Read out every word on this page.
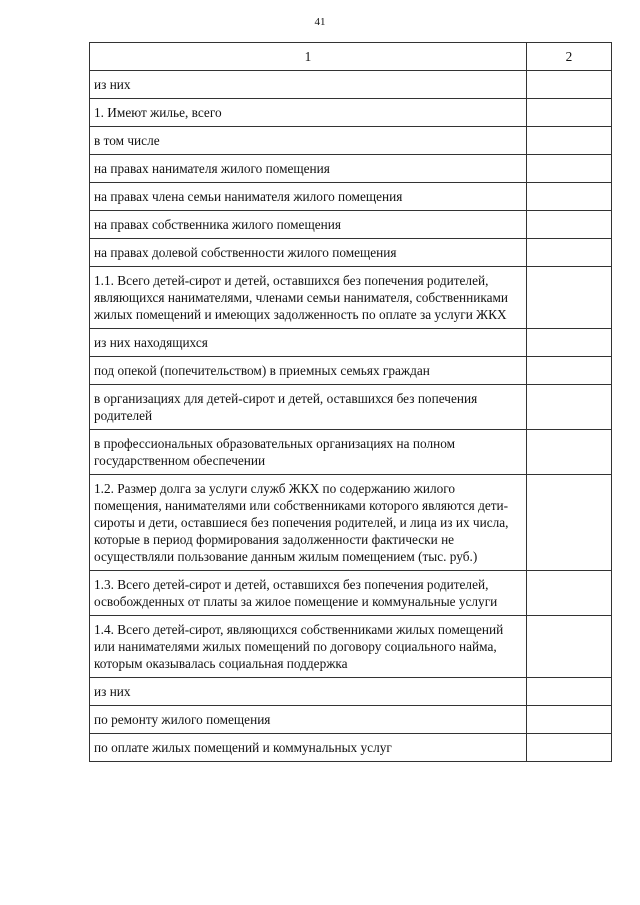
41
1	2
из них	
1. Имеют жилье, всего	
в том числе	
на правах нанимателя жилого помещения	
на правах члена семьи нанимателя жилого помещения	
на правах собственника жилого помещения	
на правах долевой собственности жилого помещения	
1.1. Всего детей-сирот и детей, оставшихся без попечения родителей, являющихся нанимателями, членами семьи нанимателя, собственниками жилых помещений и имеющих задолженность по оплате за услуги ЖКХ	
из них находящихся	
под опекой (попечительством) в приемных семьях граждан	
в организациях для детей-сирот и детей, оставшихся без попечения родителей	
в профессиональных образовательных организациях на полном государственном обеспечении	
1.2. Размер долга за услуги служб ЖКХ по содержанию жилого помещения, нанимателями или собственниками которого являются дети-сироты и дети, оставшиеся без попечения родителей, и лица из их числа, которые в период формирования задолженности фактически не осуществляли пользование данным жилым помещением (тыс. руб.)	
1.3. Всего детей-сирот и детей, оставшихся без попечения родителей, освобожденных от платы за жилое помещение и коммунальные услуги	
1.4. Всего детей-сирот, являющихся собственниками жилых помещений или нанимателями жилых помещений по договору социального найма, которым оказывалась социальная поддержка	
из них	
по ремонту жилого помещения	
по оплате жилых помещений и коммунальных услуг	
